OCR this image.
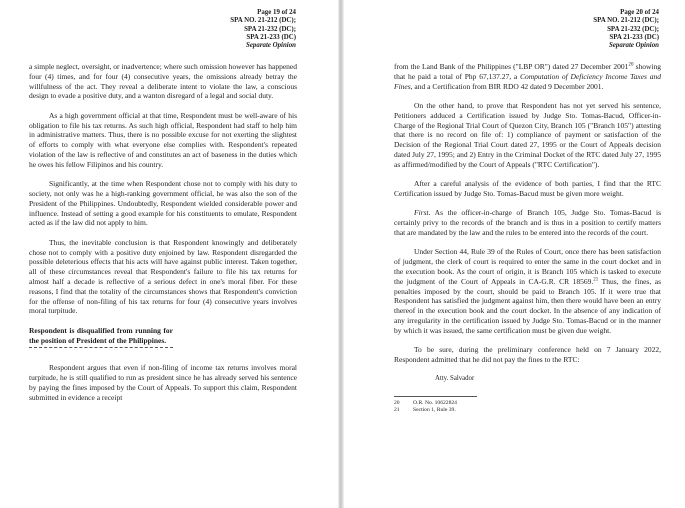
Page 19 of 24
SPA NO. 21-212 (DC);
SPA 21-232 (DC);
SPA 21-233 (DC)
Separate Opinion

a simple neglect, oversight, or inadvertence; where such omission however has happened four (4) times, and for four (4) consecutive years, the omissions already betray the willfulness of the act. They reveal a deliberate intent to violate the law, a conscious design to evade a positive duty, and a wanton disregard of a legal and social duty.

As a high government official at that time, Respondent must be well-aware of his obligation to file his tax returns. As such high official, Respondent had staff to help him in administrative matters. Thus, there is no possible excuse for not exerting the slightest of efforts to comply with what everyone else complies with. Respondent's repeated violation of the law is reflective of and constitutes an act of baseness in the duties which he owes his fellow Filipinos and his country.

Significantly, at the time when Respondent chose not to comply with his duty to society, not only was he a high-ranking government official, he was also the son of the President of the Philippines. Undoubtedly, Respondent wielded considerable power and influence. Instead of setting a good example for his constituents to emulate, Respondent acted as if the law did not apply to him.

Thus, the inevitable conclusion is that Respondent knowingly and deliberately chose not to comply with a positive duty enjoined by law. Respondent disregarded the possible deleterious effects that his acts will have against public interest. Taken together, all of these circumstances reveal that Respondent's failure to file his tax returns for almost half a decade is reflective of a serious defect in one's moral fiber. For these reasons, I find that the totality of the circumstances shows that Respondent's conviction for the offense of non-filing of his tax returns for four (4) consecutive years involves moral turpitude.

Respondent is disqualified from running for the position of President of the Philippines.

Respondent argues that even if non-filing of income tax returns involves moral turpitude, he is still qualified to run as president since he has already served his sentence by paying the fines imposed by the Court of Appeals. To support this claim, Respondent submitted in evidence a receipt

Page 20 of 24
SPA NO. 21-212 (DC);
SPA 21-232 (DC);
SPA 21-233 (DC)
Separate Opinion

from the Land Bank of the Philippines ("LBP OR") dated 27 December 2001$^{20}$ showing that he paid a total of Php 67,137.27, a Computation of Deficiency Income Taxes and Fines, and a Certification from BIR RDO 42 dated 9 December 2001.

On the other hand, to prove that Respondent has not yet served his sentence, Petitioners adduced a Certification issued by Judge Sto. Tomas-Bacud, Officer-in-Charge of the Regional Trial Court of Quezon City, Branch 105 ("Branch 105") attesting that there is no record on file of: 1) compliance of payment or satisfaction of the Decision of the Regional Trial Court dated 27, 1995 or the Court of Appeals decision dated July 27, 1995; and 2) Entry in the Criminal Docket of the RTC dated July 27, 1995 as affirmed/modified by the Court of Appeals ("RTC Certification").

After a careful analysis of the evidence of both parties, I find that the RTC Certification issued by Judge Sto. Tomas-Bacud must be given more weight.

First. As the officer-in-charge of Branch 105, Judge Sto. Tomas-Bacud is certainly privy to the records of the branch and is thus in a position to certify matters that are mandated by the law and the rules to be entered into the records of the court.

Under Section 44, Rule 39 of the Rules of Court, once there has been satisfaction of judgment, the clerk of court is required to enter the same in the court docket and in the execution book. As the court of origin, it is Branch 105 which is tasked to execute the judgment of the Court of Appeals in CA-G.R. CR 18569.21 Thus, the fines, as penalties imposed by the court, should be paid to Branch 105. If it were true that Respondent has satisfied the judgment against him, then there would have been an entry thereof in the execution book and the court docket. In the absence of any indication of any irregularity in the certification issued by Judge Sto. Tomas-Bacud or in the manner by which it was issued, the same certification must be given due weight.

To be sure, during the preliminary conference held on 7 January 2022, Respondent admitted that he did not pay the fines to the RTC:

Atty. Salvador

20	O.R. No. 10622824
21	Section 1, Rule 39.
